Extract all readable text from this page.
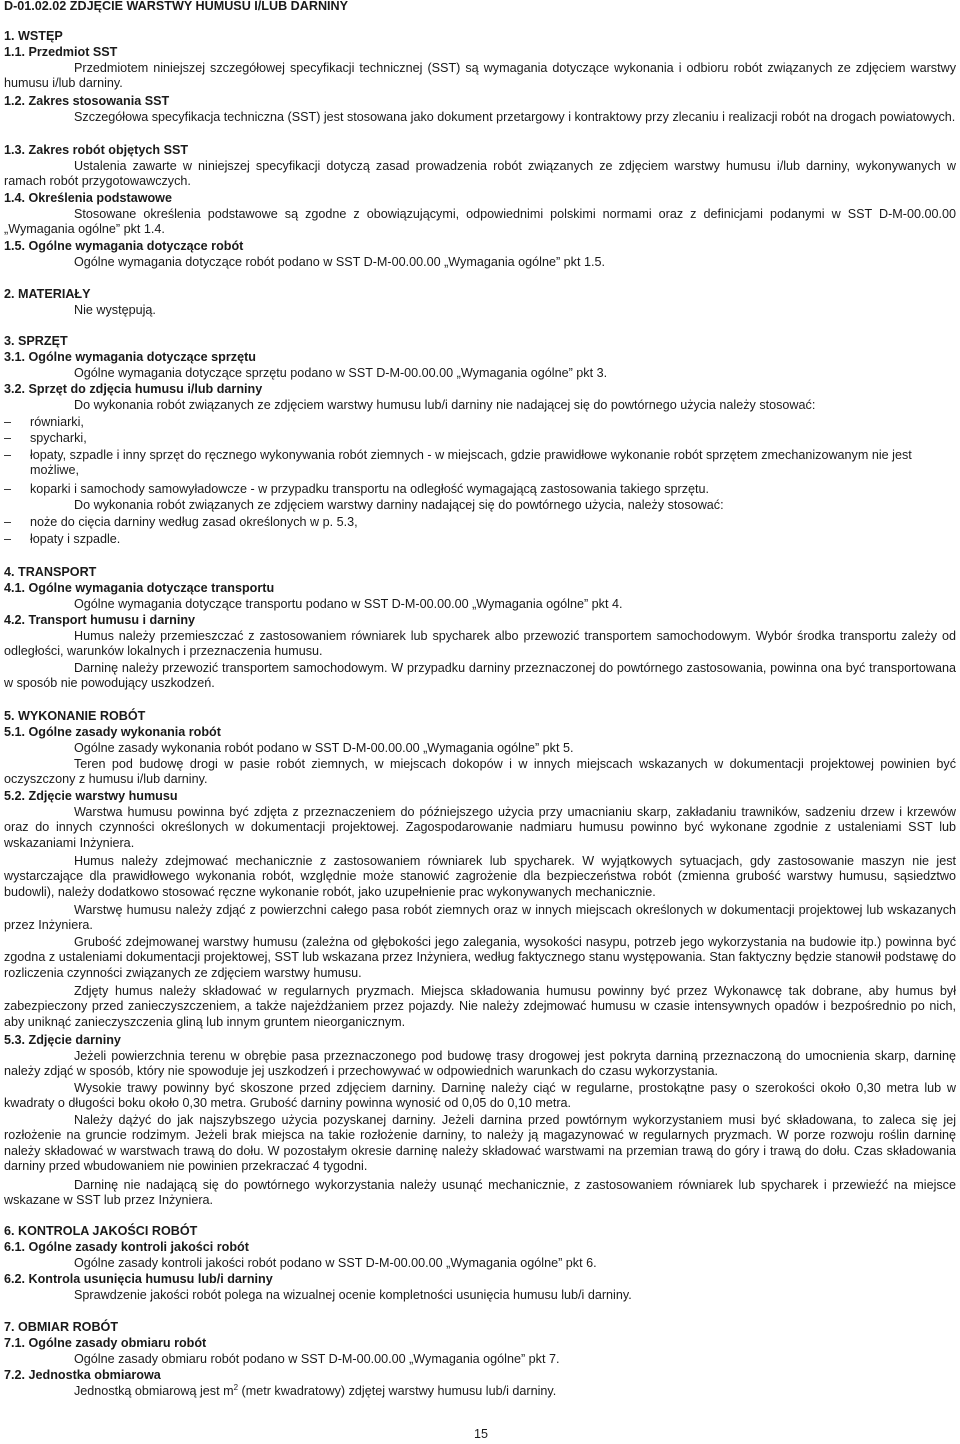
D-01.02.02 ZDJĘCIE WARSTWY HUMUSU I/LUB DARNINY
1. WSTĘP
1.1. Przedmiot SST
Przedmiotem niniejszej szczegółowej specyfikacji technicznej (SST) są wymagania dotyczące wykonania i odbioru robót związanych ze zdjęciem warstwy humusu i/lub darniny.
1.2. Zakres stosowania SST
Szczegółowa specyfikacja techniczna (SST) jest stosowana jako dokument przetargowy i kontraktowy przy zlecaniu i realizacji robót na drogach powiatowych.
1.3. Zakres robót objętych SST
Ustalenia zawarte w niniejszej specyfikacji dotyczą zasad prowadzenia robót związanych ze zdjęciem warstwy humusu i/lub darniny, wykonywanych w ramach robót przygotowawczych.
1.4. Określenia podstawowe
Stosowane określenia podstawowe są zgodne z obowiązującymi, odpowiednimi polskimi normami oraz z definicjami podanymi w SST D-M-00.00.00 „Wymagania ogólne” pkt 1.4.
1.5. Ogólne wymagania dotyczące robót
Ogólne wymagania dotyczące robót podano w SST D-M-00.00.00 „Wymagania ogólne” pkt 1.5.
2. MATERIAŁY
Nie występują.
3. SPRZĘT
3.1. Ogólne wymagania dotyczące sprzętu
Ogólne wymagania dotyczące sprzętu podano w SST D-M-00.00.00 „Wymagania ogólne” pkt 3.
3.2. Sprzęt do zdjęcia humusu i/lub darniny
Do wykonania robót związanych ze zdjęciem warstwy humusu lub/i darniny nie nadającej się do powtórnego użycia należy stosować:
– równiarki,
– spycharki,
– łopaty, szpadle i inny sprzęt do ręcznego wykonywania robót ziemnych - w miejscach, gdzie prawidłowe wykonanie robót sprzętem zmechanizowanym nie jest możliwe,
– koparki i samochody samowyładowcze - w przypadku transportu na odległość wymagającą zastosowania takiego sprzętu.
Do wykonania robót związanych ze zdjęciem warstwy darniny nadającej się do powtórnego użycia, należy stosować:
– noże do cięcia darniny według zasad określonych w p. 5.3,
– łopaty i szpadle.
4. TRANSPORT
4.1. Ogólne wymagania dotyczące transportu
Ogólne wymagania dotyczące transportu podano w SST D-M-00.00.00 „Wymagania ogólne” pkt 4.
4.2. Transport humusu i darniny
Humus należy przemieszczać z zastosowaniem równiarek lub spycharek albo przewozić transportem samochodowym. Wybór środka transportu zależy od odległości, warunków lokalnych i przeznaczenia humusu.
Darninę należy przewozić transportem samochodowym. W przypadku darniny przeznaczonej do powtórnego zastosowania, powinna ona być transportowana w sposób nie powodujący uszkodzeń.
5. WYKONANIE ROBÓT
5.1. Ogólne zasady wykonania robót
Ogólne zasady wykonania robót podano w SST D-M-00.00.00 „Wymagania ogólne” pkt 5.
Teren pod budowę drogi w pasie robót ziemnych, w miejscach dokopów i w innych miejscach wskazanych w dokumentacji projektowej powinien być oczyszczony z humusu i/lub darniny.
5.2. Zdjęcie warstwy humusu
Warstwa humusu powinna być zdjęta z przeznaczeniem do późniejszego użycia przy umacnianiu skarp, zakładaniu trawników, sadzeniu drzew i krzewów oraz do innych czynności określonych w dokumentacji projektowej. Zagospodarowanie nadmiaru humusu powinno być wykonane zgodnie z ustaleniami SST lub wskazaniami Inżyniera.
Humus należy zdejmować mechanicznie z zastosowaniem równiarek lub spycharek. W wyjątkowych sytuacjach, gdy zastosowanie maszyn nie jest wystarczające dla prawidłowego wykonania robót, względnie może stanowić zagrożenie dla bezpieczeństwa robót (zmienna grubość warstwy humusu, sąsiedztwo budowli), należy dodatkowo stosować ręczne wykonanie robót, jako uzupełnienie prac wykonywanych mechanicznie.
Warstwę humusu należy zdjąć z powierzchni całego pasa robót ziemnych oraz w innych miejscach określonych w dokumentacji projektowej lub wskazanych przez Inżyniera.
Grubość zdejmowanej warstwy humusu (zależna od głębokości jego zalegania, wysokości nasypu, potrzeb jego wykorzystania na budowie itp.) powinna być zgodna z ustaleniami dokumentacji projektowej, SST lub wskazana przez Inżyniera, według faktycznego stanu występowania. Stan faktyczny będzie stanowił podstawę do rozliczenia czynności związanych ze zdjęciem warstwy humusu.
Zdjęty humus należy składować w regularnych pryzmach. Miejsca składowania humusu powinny być przez Wykonawcę tak dobrane, aby humus był zabezpieczony przed zanieczyszczeniem, a także najeżdżaniem przez pojazdy. Nie należy zdejmować humusu w czasie intensywnych opadów i bezpośrednio po nich, aby uniknąć zanieczyszczenia gliną lub innym gruntem nieorganicznym.
5.3. Zdjęcie darniny
Jeżeli powierzchnia terenu w obrębie pasa przeznaczonego pod budowę trasy drogowej jest pokryta darniną przeznaczoną do umocnienia skarp, darninę należy zdjąć w sposób, który nie spowoduje jej uszkodzeń i przechowywać w odpowiednich warunkach do czasu wykorzystania.
Wysokie trawy powinny być skoszone przed zdjęciem darniny. Darninę należy ciąć w regularne, prostokątne pasy o szerokości około 0,30 metra lub w kwadraty o długości boku około 0,30 metra. Grubość darniny powinna wynosić od 0,05 do 0,10 metra.
Należy dążyć do jak najszybszego użycia pozyskanej darniny. Jeżeli darnina przed powtórnym wykorzystaniem musi być składowana, to zaleca się jej rozłożenie na gruncie rodzimym. Jeżeli brak miejsca na takie rozłożenie darniny, to należy ją magazynować w regularnych pryzmach. W porze rozwoju roślin darninę należy składować w warstwach trawą do dołu. W pozostałym okresie darninę należy składować warstwami na przemian trawą do góry i trawą do dołu. Czas składowania darniny przed wbudowaniem nie powinien przekraczać 4 tygodni.
Darninę nie nadającą się do powtórnego wykorzystania należy usunąć mechanicznie, z zastosowaniem równiarek lub spycharek i przewieźć na miejsce wskazane w SST lub przez Inżyniera.
6. KONTROLA JAKOŚCI ROBÓT
6.1. Ogólne zasady kontroli jakości robót
Ogólne zasady kontroli jakości robót podano w SST D-M-00.00.00 „Wymagania ogólne” pkt 6.
6.2. Kontrola usunięcia humusu lub/i darniny
Sprawdzenie jakości robót polega na wizualnej ocenie kompletności usunięcia humusu lub/i darniny.
7. OBMIAR ROBÓT
7.1. Ogólne zasady obmiaru robót
Ogólne zasady obmiaru robót podano w SST D-M-00.00.00 „Wymagania ogólne” pkt 7.
7.2. Jednostka obmiarowa
Jednostką obmiarową jest $m^2$ (metr kwadratowy) zdjętej warstwy humusu lub/i darniny.
15
